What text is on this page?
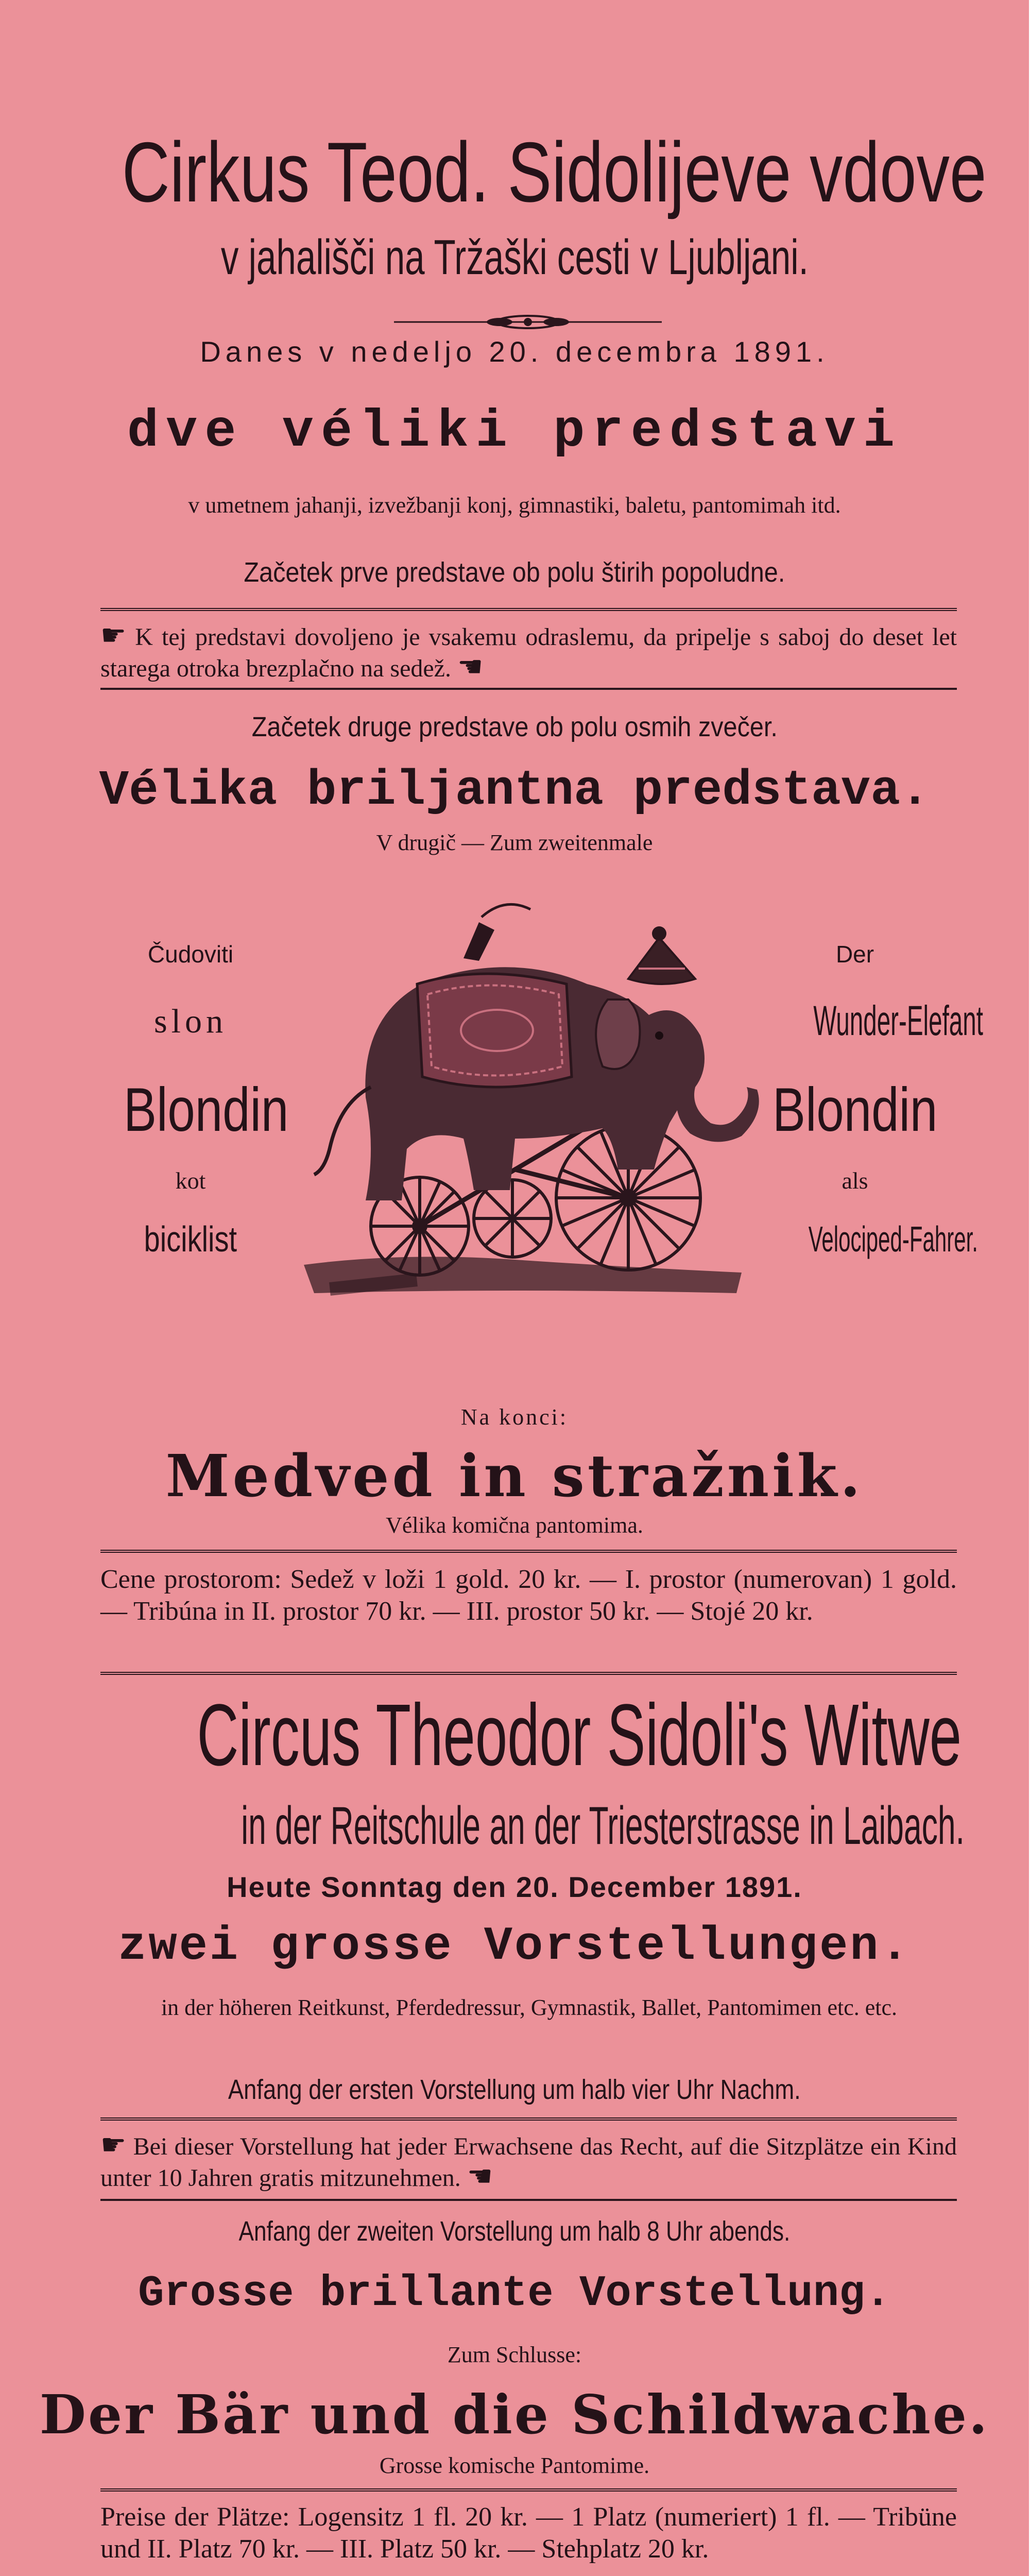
Cirkus Teod. Sidolijeve vdove
v jahališči na Tržaški cesti v Ljubljani.
Danes v nedeljo 20. decembra 1891.
dve véliki predstavi
v umetnem jahanji, izvežbanji konj, gimnastiki, baletu, pantomimah itd.
Začetek prve predstave ob polu štirih popoludne.
☛ K tej predstavi dovoljeno je vsakemu odraslemu, da pripelje s saboj do deset let starega otroka brezplačno na sedež. ☚
Začetek druge predstave ob polu osmih zvečer.
Vélika briljantna predstava.
V drugič — Zum zweitenmale
Čudoviti
slon
Blondin
kot
biciklist
Der
Wunder-Elefant
Blondin
als
Velociped-Fahrer.
Na konci:
Medved in stražnik.
Vélika komična pantomima.
Cene prostorom: Sedež v loži 1 gold. 20 kr. — I. prostor (numerovan) 1 gold. — Tribúna in II. prostor 70 kr. — III. prostor 50 kr. — Stojé 20 kr.
Circus Theodor Sidoli's Witwe
in der Reitschule an der Triesterstrasse in Laibach.
Heute Sonntag den 20. December 1891.
zwei grosse Vorstellungen.
in der höheren Reitkunst, Pferdedressur, Gymnastik, Ballet, Pantomimen etc. etc.
Anfang der ersten Vorstellung um halb vier Uhr Nachm.
☛ Bei dieser Vorstellung hat jeder Erwachsene das Recht, auf die Sitzplätze ein Kind unter 10 Jahren gratis mitzunehmen. ☚
Anfang der zweiten Vorstellung um halb 8 Uhr abends.
Grosse brillante Vorstellung.
Zum Schlusse:
Der Bär und die Schildwache.
Grosse komische Pantomime.
Preise der Plätze: Logensitz 1 fl. 20 kr. — 1 Platz (numeriert) 1 fl. — Tribüne und II. Platz 70 kr. — III. Platz 50 kr. — Stehplatz 20 kr.
